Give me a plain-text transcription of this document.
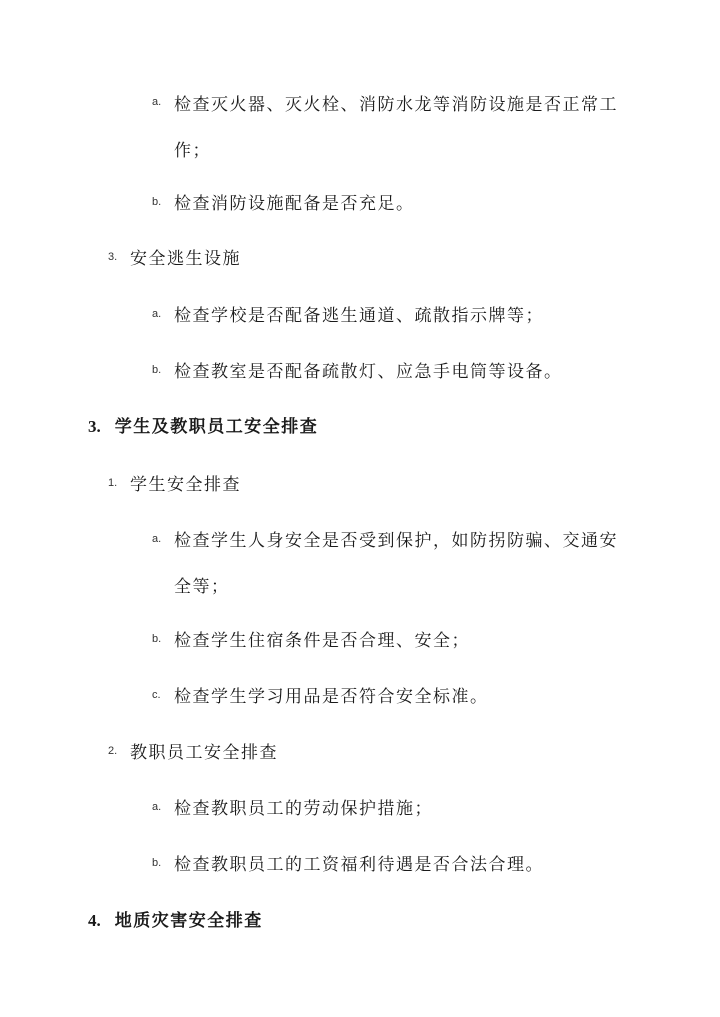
a. 检查灭火器、灭火栓、消防水龙等消防设施是否正常工
作；
b. 检查消防设施配备是否充足。
3. 安全逃生设施
a. 检查学校是否配备逃生通道、疏散指示牌等；
b. 检查教室是否配备疏散灯、应急手电筒等设备。
3. 学生及教职员工安全排查
1. 学生安全排查
a. 检查学生人身安全是否受到保护，如防拐防骗、交通安
全等；
b. 检查学生住宿条件是否合理、安全；
c. 检查学生学习用品是否符合安全标准。
2. 教职员工安全排查
a. 检查教职员工的劳动保护措施；
b. 检查教职员工的工资福利待遇是否合法合理。
4. 地质灾害安全排查
